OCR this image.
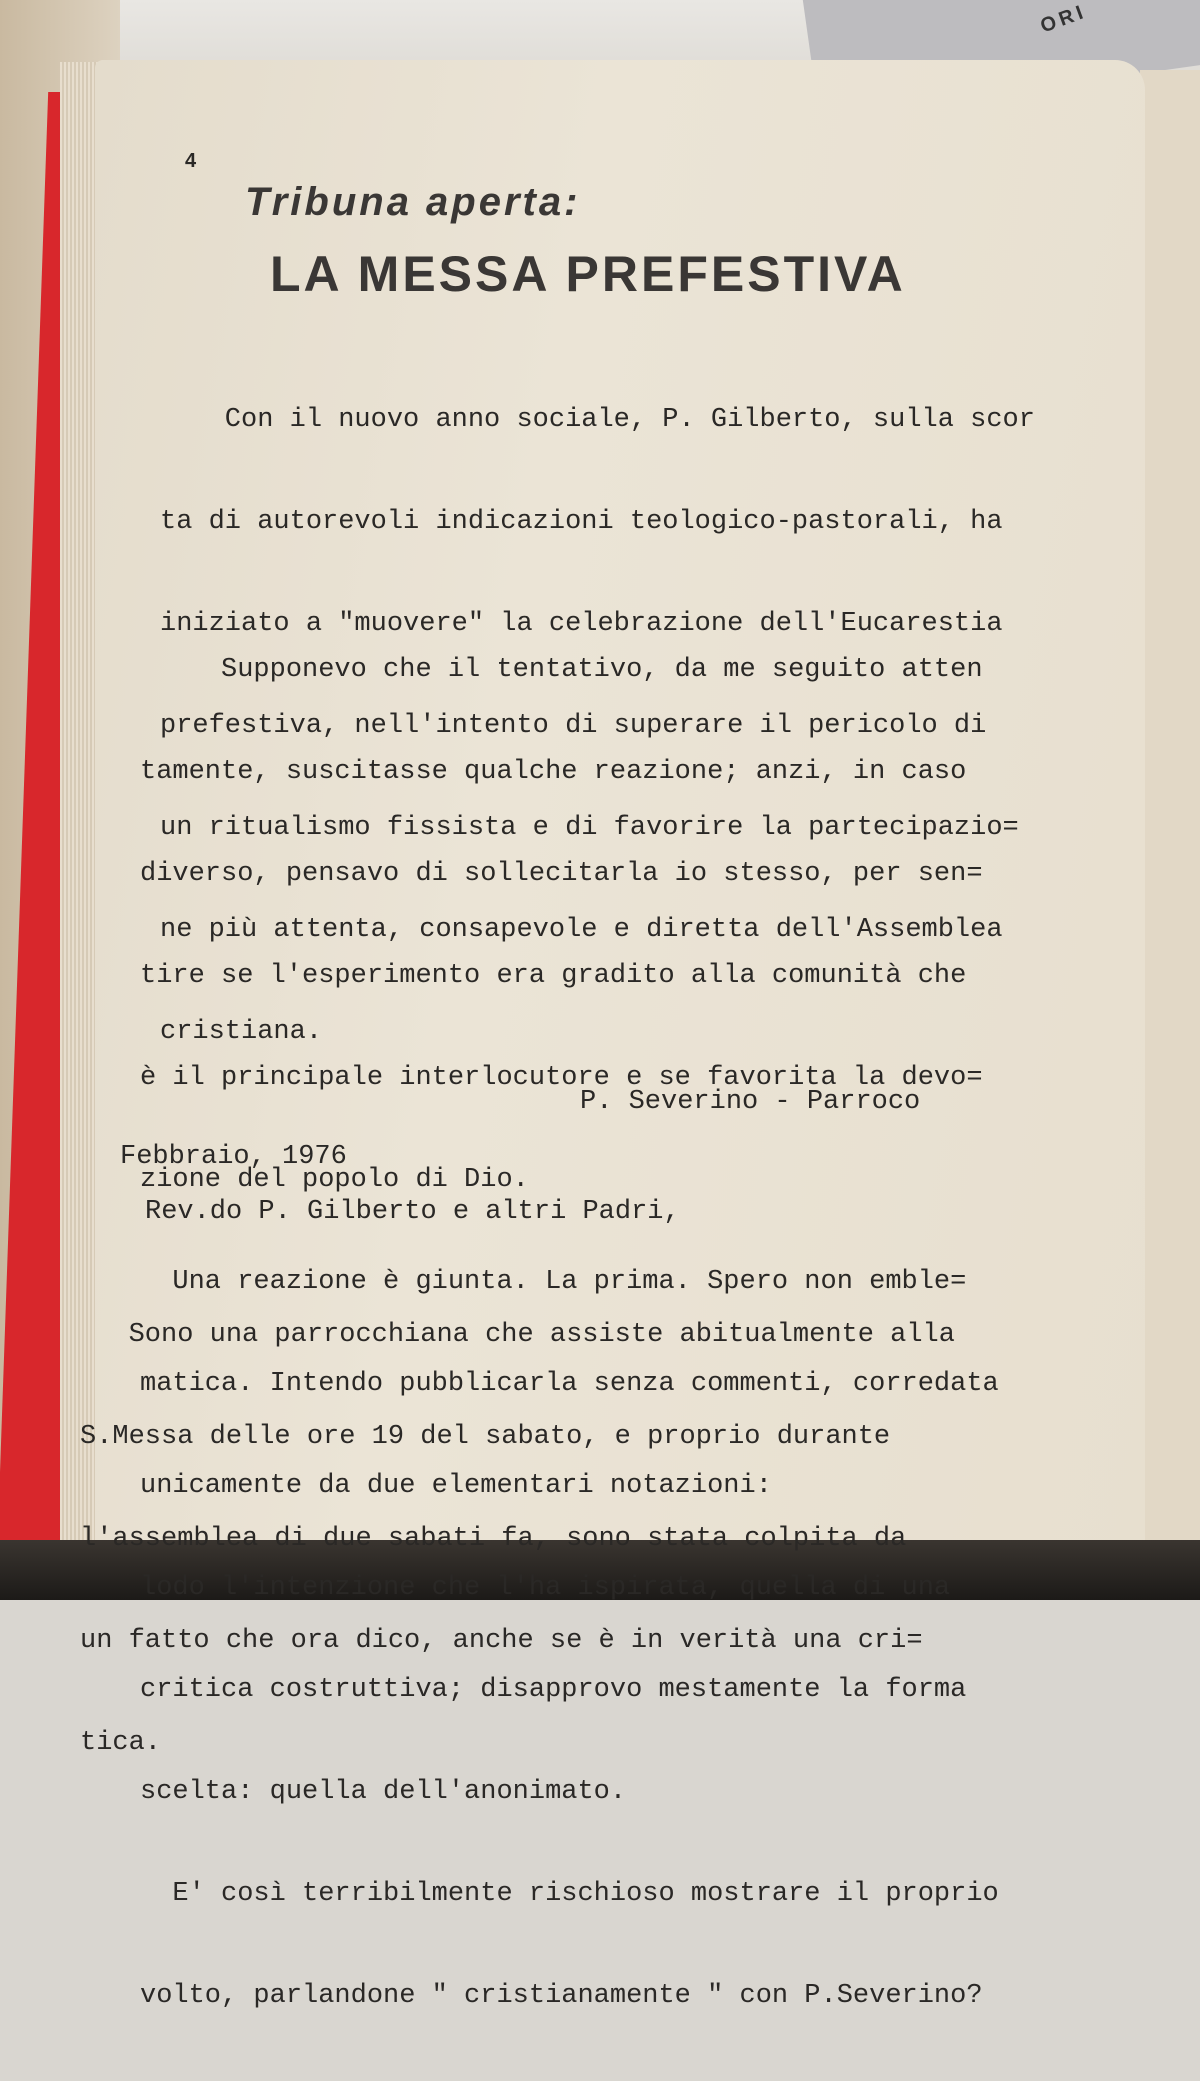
ORI
4
Tribuna aperta:
LA MESSA PREFESTIVA

Con il nuovo anno sociale, P. Gilberto, sulla scor

ta di autorevoli indicazioni teologico-pastorali, ha

iniziato a "muovere" la celebrazione dell'Eucarestia

prefestiva, nell'intento di superare il pericolo di

un ritualismo fissista e di favorire la partecipazio=

ne più attenta, consapevole e diretta dell'Assemblea

cristiana.

Supponevo che il tentativo, da me seguito atten

tamente, suscitasse qualche reazione; anzi, in caso

diverso, pensavo di sollecitarla io stesso, per sen=

tire se l'esperimento era gradito alla comunità che

è il principale interlocutore e se favorita la devo=

zione del popolo di Dio.

Una reazione è giunta. La prima. Spero non emble=

matica. Intendo pubblicarla senza commenti, corredata

unicamente da due elementari notazioni:

lodo l'intenzione che l'ha ispirata, quella di una

critica costruttiva; disapprovo mestamente la forma

scelta: quella dell'anonimato.

E' così terribilmente rischioso mostrare il proprio

volto, parlandone " cristianamente " con P.Severino?

P. Severino - Parroco
Febbraio, 1976
Rev.do P. Gilberto e altri Padri,

Sono una parrocchiana che assiste abitualmente alla

S.Messa delle ore 19 del sabato, e proprio durante

l'assemblea di due sabati fa, sono stata colpita da

un fatto che ora dico, anche se è in verità una cri=

tica.
